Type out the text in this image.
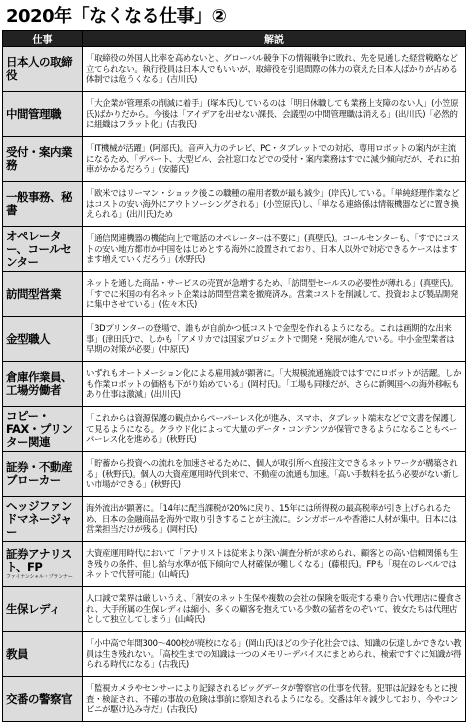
2020年「なくなる仕事」②
仕事	解説
日本人の取締役	「取締役の外国人比率を高めないと、グローバル競争下の情報戦争に敗れ、先を見通した経営戦略など立てられない。執行役員は日本人でもいいが、取締役を引退間際の体力の衰えた日本人ばかりが占める体制では危うくなる」(吉川氏)
中間管理職	「大企業が管理系の削減に着手」(塚本氏)しているのは「明日休職しても業務上支障のない人」(小笠原氏)ばかりだから。今後は「アイデアを出せない課長、会議型の中間管理職は消える」(出川氏)「必然的に組織はフラット化」(古我氏)
受付・案内業務	「IT機械が活躍」(阿部氏)。音声入力のテレビ、PC・タブレットでの対応、専用ロボットの案内が主流になるため、「デパート、大型ビル、会社窓口などでの受付・案内業務はすでに減少傾向だが、それに拍車がかかるだろう」(安藤氏)
一般事務、秘書	「欧米ではリーマン・ショック後この職種の雇用者数が最も減少」(岸氏)している。「単純経理作業などはコストの安い海外にアウトソーシングされる」(小笠原氏)し、「単なる連絡係は情報機器などに置き換えられる」(出川氏)ため
オペレーター、コールセンター	「通信関連機器の機能向上で電話のオペレーターは不要に」(真壁氏)。コールセンターも、「すでにコストの安い地方都市か中国をはじめとする海外に設置されており、日本人以外で対応できるケースはますます増えていくだろう」(水野氏)
訪問型営業	ネットを通した商品・サービスの売買が急増するため、「訪問型セールスの必要性が薄れる」(真壁氏)。「すでに米国の有名ネット企業は訪問型営業を撤廃済み。営業コストを削減して、投資および製品開発に集中させている」(佐々木氏)
金型職人	「3Dプリンターの登場で、誰もが自前かつ低コストで金型を作れるようになる。これは画期的な出来事」(津田氏)で、しかも「アメリカでは国家プロジェクトで開発・発展が進んでいる。中小金型業者は早期の対策が必要」(中原氏)
倉庫作業員、工場労働者	いずれもオートメーション化による雇用減が顕著に。「大規模流通施設ではすでにロボットが活躍。しかも作業ロボットの価格も下がり始めている」(岡村氏)。「工場も同様だが、さらに新興国への海外移転もあり仕事は激減」(出川氏)
コピー・FAX・プリンター関連	「これからは資源保護の観点からペーパーレス化が進み、スマホ、タブレット端末などで文書を保護して見るようになる。クラウド化によって大量のデータ・コンテンツが保管できるようになることもペーパーレス化を進める」(秋野氏)
証券・不動産ブローカー	「貯蓄から投資への流れを加速させるために、個人が取引所へ直接注文できるネットワークが構築される」(秋野氏)。個人の大資産運用時代到来で、不動産の流通も加速。「高い手数料を払う必要がない新しい市場ができる」(秋野氏)
ヘッジファンドマネージャー	海外流出が顕著に。「14年に配当課税が20%に戻り、15年には所得税の最高税率が引き上げられるため、日本の金融商品を海外で取り引きすることが主流に。シンガポールや香港に人材が集中。日本には営業担当だけが残る」(岡村氏)
証券アナリスト、FP
ファイナンシャル・プランナー	大資産運用時代において「アナリストは従来より深い調査分析が求められ、顧客との高い信頼関係も生き残りの条件、但し給与水準が低下傾向で人材確保が難しくなる」(藤根氏)。FPも「現在のレベルではネットで代替可能」(山崎氏)
生保レディ	人口減で業界は厳しいうえ、「割安のネット生保や複数の会社の保険を販売する乗り合い代理店に優食され、大手所属の生保レディは縮小、多くの顧客を抱えている少数の猛者をのぞいて、彼女たちは代理店として独立してしまう」(山崎氏)
教員	「小中高で年間300～400校が廃校になる」(岡山氏)ほどの少子化社会では、知識の伝達しかできない教員は生き残れない。「高校生までの知識は一つのメモリーデバイスにまとめられ、検索ですぐに知識が得られる時代になる」(古我氏)
交番の警察官	「監視カメラやセンサーにより記録されるビッグデータが警察官の仕事を代替。犯罪は記録をもとに捜査・検証され、不確の事故の危険は事前に察知されるようになる。交番は年々減少しており、今やコンビニが駆け込み寺だ」(古我氏)
